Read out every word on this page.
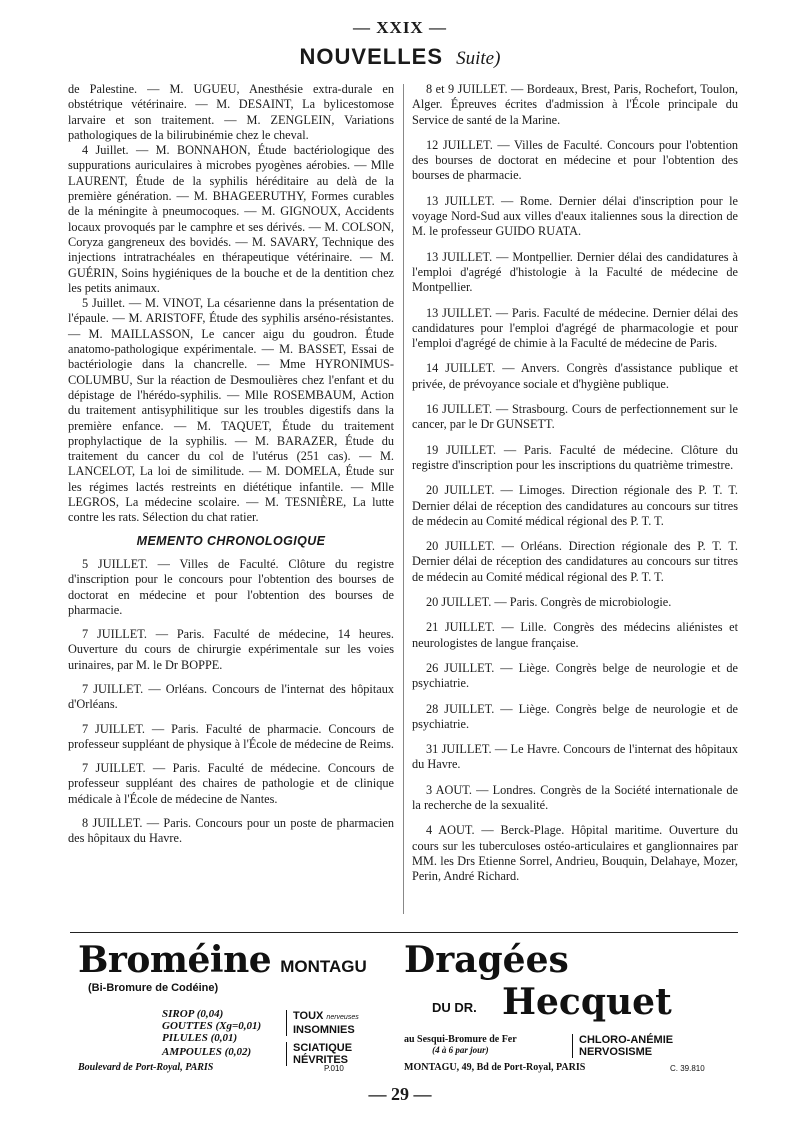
— XXIX —
NOUVELLES Suite)

de Palestine. — M. UGUEU, Anesthésie extra-durale en obstétrique vétérinaire. — M. DESAINT, La bylicestomose larvaire et son traitement. — M. ZENGLEIN, Variations pathologiques de la bilirubinémie chez le cheval.

4 Juillet. — M. BONNAHON, Étude bactériologique des suppurations auriculaires à microbes pyogènes aérobies. — Mlle LAURENT, Étude de la syphilis héréditaire au delà de la première génération. — M. BHAGEERUTHY, Formes curables de la méningite à pneumocoques. — M. GIGNOUX, Accidents locaux provoqués par le camphre et ses dérivés. — M. COLSON, Coryza gangreneux des bovidés. — M. SAVARY, Technique des injections intratrachéales en thérapeutique vétérinaire. — M. GUÉRIN, Soins hygiéniques de la bouche et de la dentition chez les petits animaux.

5 Juillet. — M. VINOT, La césarienne dans la présentation de l'épaule. — M. ARISTOFF, Étude des syphilis arséno-résistantes. — M. MAILLASSON, Le cancer aigu du goudron. Étude anatomo-pathologique expérimentale. — M. BASSET, Essai de bactériologie dans la chancrelle. — Mme HYRONIMUS-COLUMBU, Sur la réaction de Desmoulières chez l'enfant et du dépistage de l'hérédo-syphilis. — Mlle ROSEMBAUM, Action du traitement antisyphilitique sur les troubles digestifs dans la première enfance. — M. TAQUET, Étude du traitement prophylactique de la syphilis. — M. BARAZER, Étude du traitement du cancer du col de l'utérus (251 cas). — M. LANCELOT, La loi de similitude. — M. DOMELA, Étude sur les régimes lactés restreints en diététique infantile. — Mlle LEGROS, La médecine scolaire. — M. TESNIÈRE, La lutte contre les rats. Sélection du chat ratier.

MEMENTO CHRONOLOGIQUE

5 JUILLET. — Villes de Faculté. Clôture du registre d'inscription pour le concours pour l'obtention des bourses de doctorat en médecine et pour l'obtention des bourses de pharmacie.

7 JUILLET. — Paris. Faculté de médecine, 14 heures. Ouverture du cours de chirurgie expérimentale sur les voies urinaires, par M. le Dr BOPPE.

7 JUILLET. — Orléans. Concours de l'internat des hôpitaux d'Orléans.

7 JUILLET. — Paris. Faculté de pharmacie. Concours de professeur suppléant de physique à l'École de médecine de Reims.

7 JUILLET. — Paris. Faculté de médecine. Concours de professeur suppléant des chaires de pathologie et de clinique médicale à l'École de médecine de Nantes.

8 JUILLET. — Paris. Concours pour un poste de pharmacien des hôpitaux du Havre.

8 et 9 JUILLET. — Bordeaux, Brest, Paris, Rochefort, Toulon, Alger. Épreuves écrites d'admission à l'École principale du Service de santé de la Marine.

12 JUILLET. — Villes de Faculté. Concours pour l'obtention des bourses de doctorat en médecine et pour l'obtention des bourses de pharmacie.

13 JUILLET. — Rome. Dernier délai d'inscription pour le voyage Nord-Sud aux villes d'eaux italiennes sous la direction de M. le professeur GUIDO RUATA.

13 JUILLET. — Montpellier. Dernier délai des candidatures à l'emploi d'agrégé d'histologie à la Faculté de médecine de Montpellier.

13 JUILLET. — Paris. Faculté de médecine. Dernier délai des candidatures pour l'emploi d'agrégé de pharmacologie et pour l'emploi d'agrégé de chimie à la Faculté de médecine de Paris.

14 JUILLET. — Anvers. Congrès d'assistance publique et privée, de prévoyance sociale et d'hygiène publique.

16 JUILLET. — Strasbourg. Cours de perfectionnement sur le cancer, par le Dr GUNSETT.

19 JUILLET. — Paris. Faculté de médecine. Clôture du registre d'inscription pour les inscriptions du quatrième trimestre.

20 JUILLET. — Limoges. Direction régionale des P. T. T. Dernier délai de réception des candidatures au concours sur titres de médecin au Comité médical régional des P. T. T.

20 JUILLET. — Orléans. Direction régionale des P. T. T. Dernier délai de réception des candidatures au concours sur titres de médecin au Comité médical régional des P. T. T.

20 JUILLET. — Paris. Congrès de microbiologie.

21 JUILLET. — Lille. Congrès des médecins aliénistes et neurologistes de langue française.

26 JUILLET. — Liège. Congrès belge de neurologie et de psychiatrie.

28 JUILLET. — Liège. Congrès belge de neurologie et de psychiatrie.

31 JUILLET. — Le Havre. Concours de l'internat des hôpitaux du Havre.

3 AOUT. — Londres. Congrès de la Société internationale de la recherche de la sexualité.

4 AOUT. — Berck-Plage. Hôpital maritime. Ouverture du cours sur les tuberculoses ostéo-articulaires et ganglionnaires par MM. les Drs Etienne Sorrel, Andrieu, Bouquin, Delahaye, Mozer, Perin, André Richard.

Broméine MONTAGU
(Bi-Bromure de Codéine)
SIROP (0,04)
GOUTTES (Xg=0,01)
PILULES (0,01)
TOUX nerveuses
INSOMNIES
AMPOULES (0,02)	SCIATIQUE
NÉVRITES
Boulevard de Port-Royal, PARIS	P.010
Dragées
DU DR. Hecquet
au Sesqui-Bromure de Fer
(4 à 6 par jour)
CHLORO-ANÉMIE
NERVOSISME
MONTAGU, 49, Bd de Port-Royal, PARIS	C. 39.810
— 29 —
